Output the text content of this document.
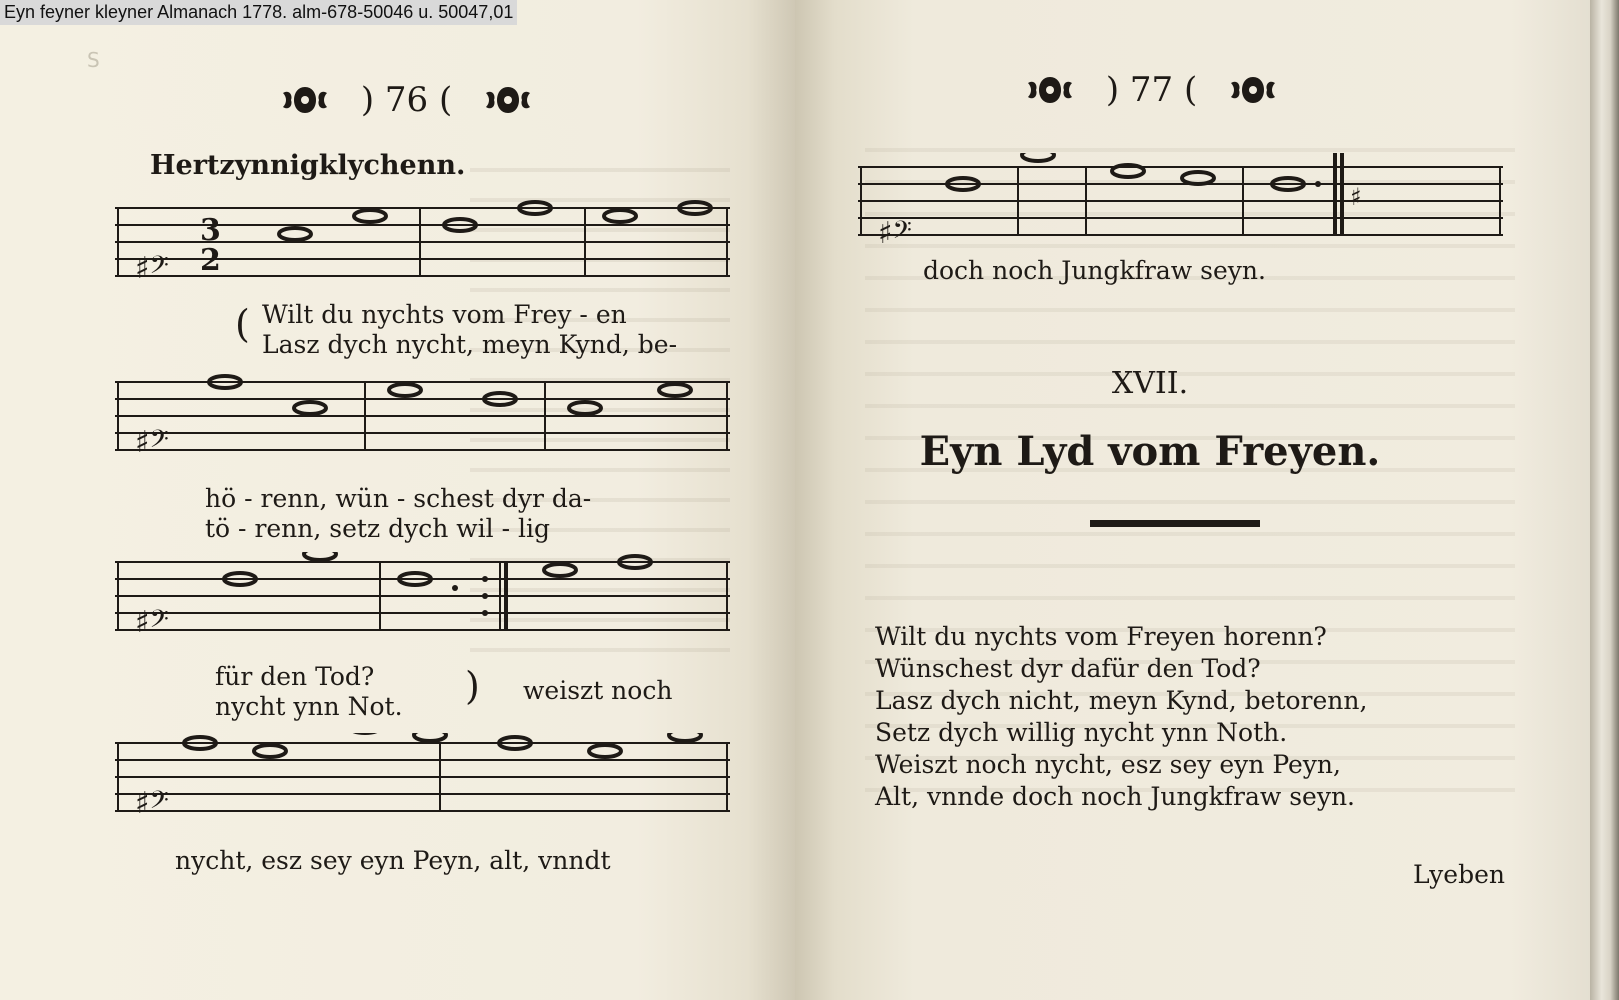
S
) 76 (
Hertzynnigklychenn.
♯𝄢
3
2
( Wilt du nychts vom Frey - en
Lasz dych nycht, meyn Kynd, be-
♯𝄢
hö - renn, wün - schest dyr da-
tö - renn, setz dych wil - lig
♯𝄢
für den Tod?
nycht ynn Not. ) weiszt noch
♯𝄢
nycht, esz sey eyn Peyn, alt, vnndt
) 77 (
♯𝄢
♯
doch noch Jungkfraw seyn.
XVII.
Eyn Lyd vom Freyen.
Wilt du nychts vom Freyen horenn?
Wünschest dyr dafür den Tod?
Lasz dych nicht, meyn Kynd, betorenn,
Setz dych willig nycht ynn Noth.
Weiszt noch nycht, esz sey eyn Peyn,
Alt, vnnde doch noch Jungkfraw seyn.
Lyeben
Eyn feyner kleyner Almanach 1778. alm-678-50046 u. 50047,01
